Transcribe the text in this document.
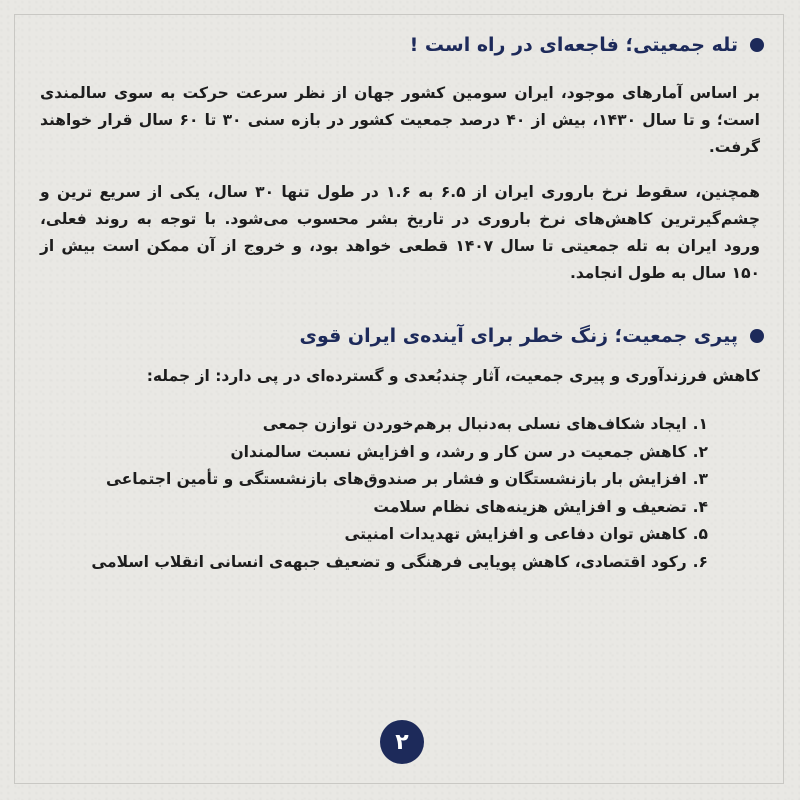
تله جمعیتی؛ فاجعه‌ای در راه است !

بر اساس آمارهای موجود، ایران سومین کشور جهان از نظر سرعت حرکت به سوی سالمندی است؛ و تا سال ۱۴۳۰، بیش از ۴۰ درصد جمعیت کشور در بازه سنی ۳۰ تا ۶۰ سال قرار خواهند گرفت.

همچنین، سقوط نرخ باروری ایران از ۶.۵ به ۱.۶ در طول تنها ۳۰ سال، یکی از سریع ترین و چشم‌گیرترین کاهش‌های نرخ باروری در تاریخ بشر محسوب می‌شود. با توجه به روند فعلی، ورود ایران به تله جمعیتی تا سال ۱۴۰۷ قطعی خواهد بود، و خروج از آن ممکن است بیش از ۱۵۰ سال به طول انجامد.

پیری جمعیت؛ زنگ خطر برای آینده‌ی ایران قوی
کاهش فرزندآوری و پیری جمعیت، آثار چندبُعدی و گسترده‌ای در پی دارد: از جمله:
۱.
ایجاد شکاف‌های نسلی به‌دنبال برهم‌خوردن توازن جمعی
۲.
کاهش جمعیت در سن کار و رشد، و افزایش نسبت سالمندان
۳.
افزایش بار بازنشستگان و فشار بر صندوق‌های بازنشستگی و تأمین اجتماعی
۴.
تضعیف و افزایش هزینه‌های نظام سلامت
۵.
کاهش توان دفاعی و افزایش تهدیدات امنیتی
۶.
رکود اقتصادی، کاهش پویایی فرهنگی و تضعیف جبهه‌ی انسانی انقلاب اسلامی
۲
